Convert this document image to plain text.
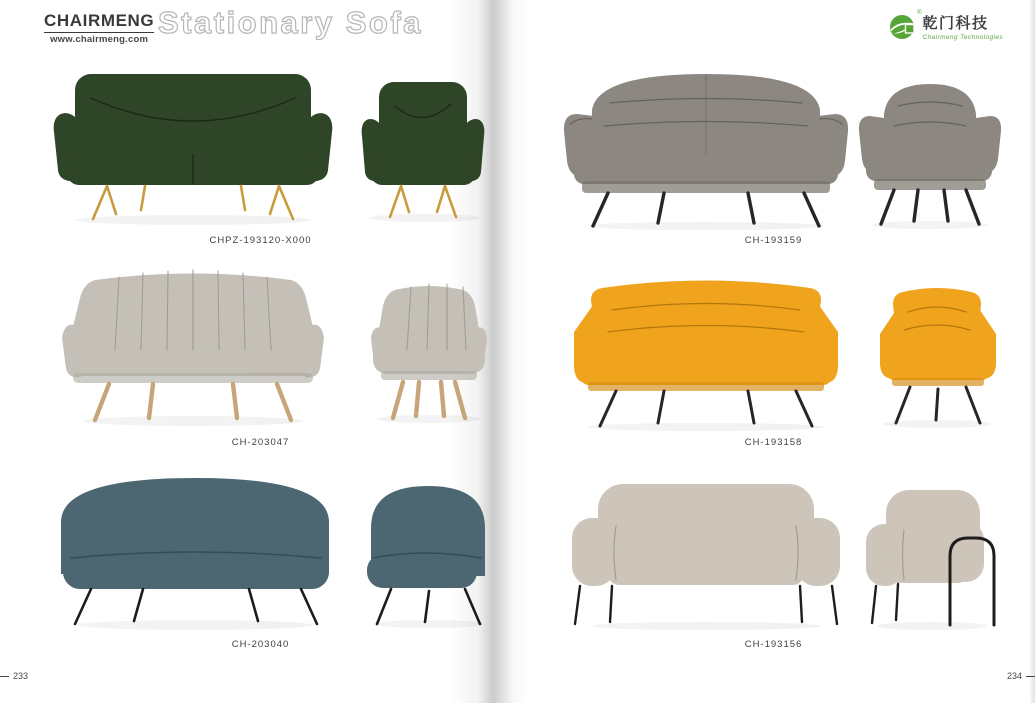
CHAIRMENG
www.chairmeng.com Stationary Sofa	®
乾门科技
Chairmeng Technologies
CHPZ-193120-X000
CH-203047
CH-203040
CH-193159
CH-193158
CH-193156
233	234
